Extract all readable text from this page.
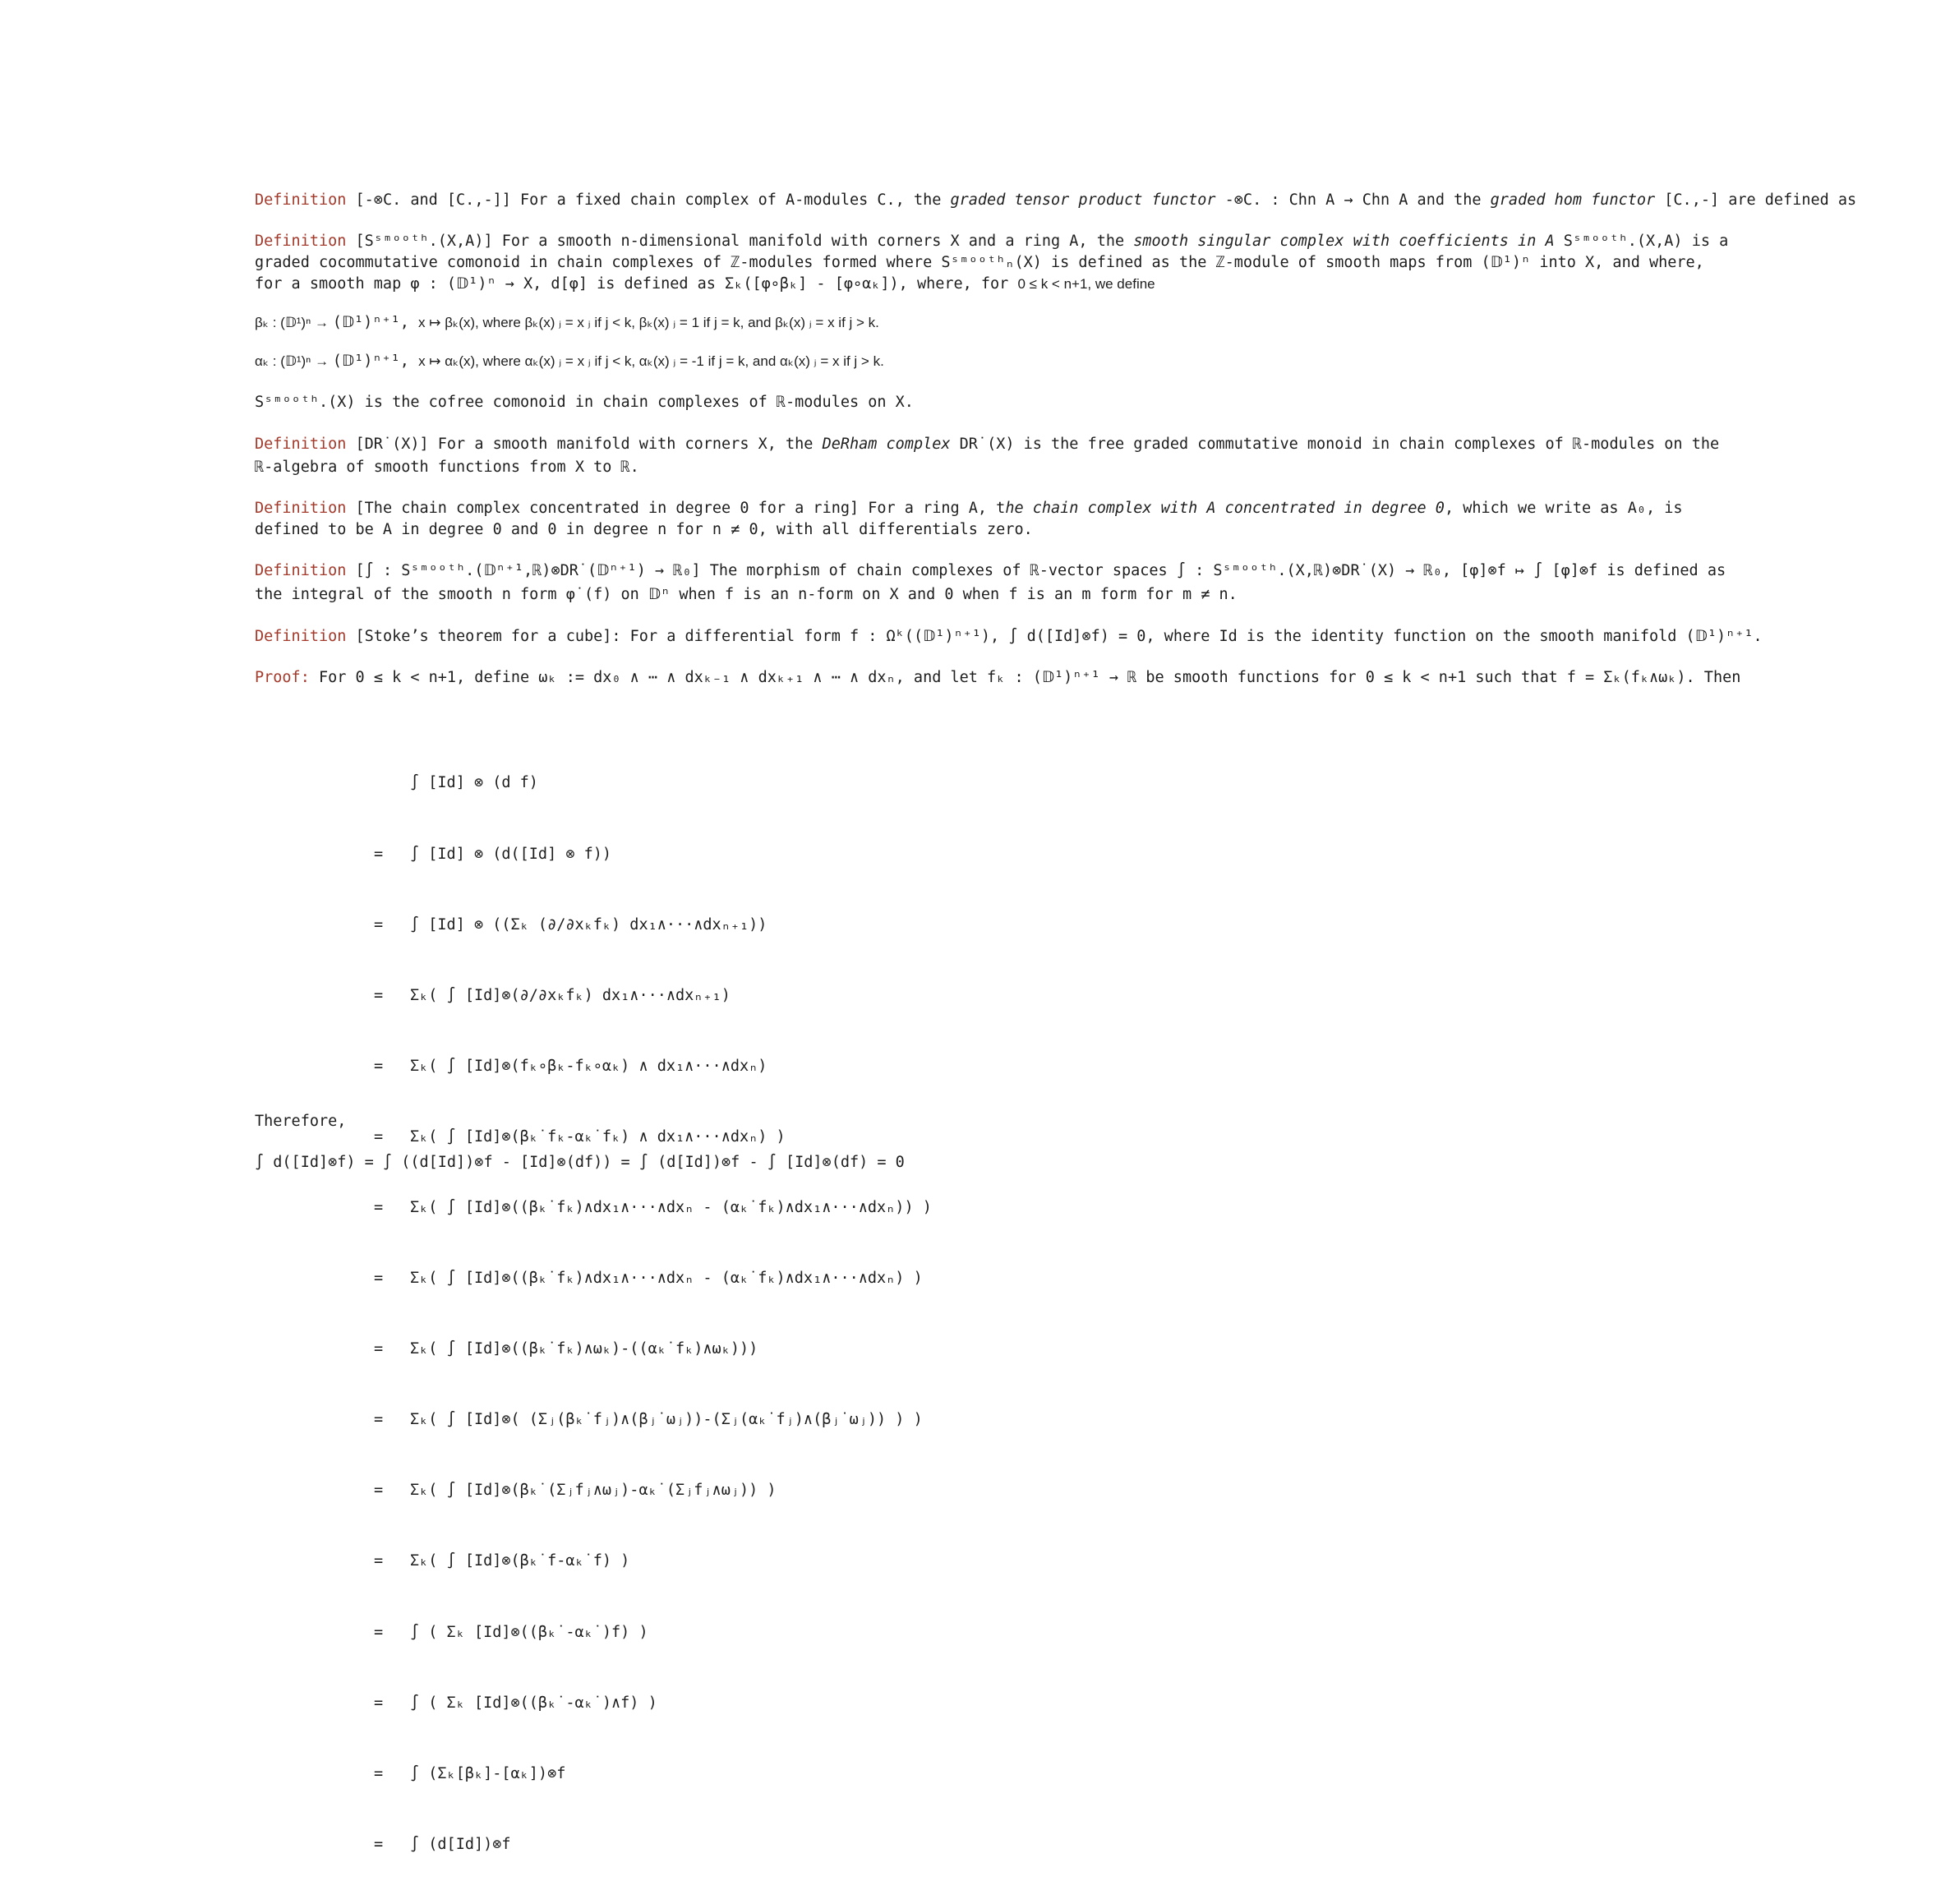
Definition [-⊗C. and [C.,-]] For a fixed chain complex of A-modules C., the graded tensor product functor -⊗C. : Chn A → Chn A and the graded hom functor [C.,-] are defined as
Definition [Sˢᵐᵒᵒᵗʰ.(X,A)] For a smooth n-dimensional manifold with corners X and a ring A, the smooth singular complex with coefficients in A Sˢᵐᵒᵒᵗʰ.(X,A) is a graded cocommutative comonoid in chain complexes of ℤ-modules formed where Sˢᵐᵒᵒᵗʰₙ(X) is defined as the ℤ-module of smooth maps from (𝔻¹)ⁿ into X, and where, for a smooth map φ : (𝔻¹)ⁿ → X, d[φ] is defined as Σₖ([φ∘βₖ] - [φ∘αₖ]), where, for 0 ≤ k < n+1, we define
βₖ : (𝔻¹)ⁿ → (𝔻¹)ⁿ⁺¹, x ↦ βₖ(x), where βₖ(x) ⱼ = x ⱼ if j < k, βₖ(x) ⱼ = 1 if j = k, and βₖ(x) ⱼ = x if j > k.
αₖ : (𝔻¹)ⁿ → (𝔻¹)ⁿ⁺¹, x ↦ αₖ(x), where αₖ(x) ⱼ = x ⱼ if j < k, αₖ(x) ⱼ = -1 if j = k, and αₖ(x) ⱼ = x if j > k.
Sˢᵐᵒᵒᵗʰ.(X) is the cofree comonoid in chain complexes of ℝ-modules on X.
Definition [DR˙(X)] For a smooth manifold with corners X, the DeRham complex DR˙(X) is the free graded commutative monoid in chain complexes of ℝ-modules on the ℝ-algebra of smooth functions from X to ℝ.
Definition [The chain complex concentrated in degree 0 for a ring] For a ring A, the chain complex with A concentrated in degree 0, which we write as A₀, is defined to be A in degree 0 and 0 in degree n for n ≠ 0, with all differentials zero.
Definition [∫ : Sˢᵐᵒᵒᵗʰ.(𝔻ⁿ⁺¹,ℝ)⊗DR˙(𝔻ⁿ⁺¹) → ℝ₀] The morphism of chain complexes of ℝ-vector spaces ∫ : Sˢᵐᵒᵒᵗʰ.(X,ℝ)⊗DR˙(X) → ℝ₀, [φ]⊗f ↦ ∫ [φ]⊗f is defined as the integral of the smooth n form φ˙(f) on 𝔻ⁿ when f is an n-form on X and 0 when f is an m form for m ≠ n.
Definition [Stoke’s theorem for a cube]: For a differential form f : Ωᵏ((𝔻¹)ⁿ⁺¹), ∫ d([Id]⊗f) = 0, where Id is the identity function on the smooth manifold (𝔻¹)ⁿ⁺¹.
Proof: For 0 ≤ k < n+1, define ωₖ := dx₀ ∧ ⋯ ∧ dxₖ₋₁ ∧ dxₖ₊₁ ∧ ⋯ ∧ dxₙ, and let fₖ : (𝔻¹)ⁿ⁺¹ → ℝ be smooth functions for 0 ≤ k < n+1 such that f = Σₖ(fₖ∧ωₖ). Then

∫ [Id] ⊗ (d f)

= ∫ [Id] ⊗ (d([Id] ⊗ f))

= ∫ [Id] ⊗ ((Σₖ (∂/∂xₖfₖ) dx₁∧···∧dxₙ₊₁))

= Σₖ( ∫ [Id]⊗(∂/∂xₖfₖ) dx₁∧···∧dxₙ₊₁)

= Σₖ( ∫ [Id]⊗(fₖ∘βₖ-fₖ∘αₖ) ∧ dx₁∧···∧dxₙ)

= Σₖ( ∫ [Id]⊗(βₖ˙fₖ-αₖ˙fₖ) ∧ dx₁∧···∧dxₙ) )

= Σₖ( ∫ [Id]⊗((βₖ˙fₖ)∧dx₁∧···∧dxₙ - (αₖ˙fₖ)∧dx₁∧···∧dxₙ)) )

= Σₖ( ∫ [Id]⊗((βₖ˙fₖ)∧dx₁∧···∧dxₙ - (αₖ˙fₖ)∧dx₁∧···∧dxₙ) )

= Σₖ( ∫ [Id]⊗((βₖ˙fₖ)∧ωₖ)-((αₖ˙fₖ)∧ωₖ)))

= Σₖ( ∫ [Id]⊗( (Σⱼ(βₖ˙fⱼ)∧(βⱼ˙ωⱼ))-(Σⱼ(αₖ˙fⱼ)∧(βⱼ˙ωⱼ)) ) )

= Σₖ( ∫ [Id]⊗(βₖ˙(Σⱼfⱼ∧ωⱼ)-αₖ˙(Σⱼfⱼ∧ωⱼ)) )

= Σₖ( ∫ [Id]⊗(βₖ˙f-αₖ˙f) )

= ∫ ( Σₖ [Id]⊗((βₖ˙-αₖ˙)f) )

= ∫ ( Σₖ [Id]⊗((βₖ˙-αₖ˙)∧f) )

= ∫ (Σₖ[βₖ]-[αₖ])⊗f

= ∫ (d[Id])⊗f

Therefore,
∫ d([Id]⊗f) = ∫ ((d[Id])⊗f - [Id]⊗(df)) = ∫ (d[Id])⊗f - ∫ [Id]⊗(df) = 0
